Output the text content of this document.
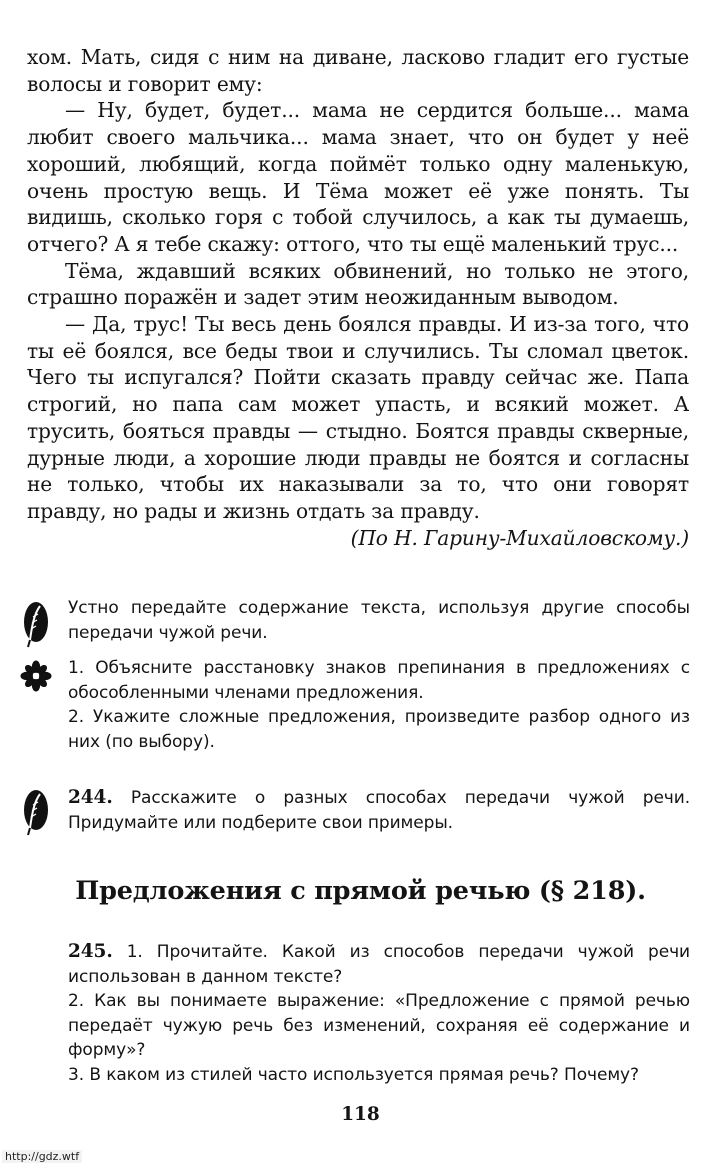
хом. Мать, сидя с ним на диване, ласково гладит его густые волосы и говорит ему:

— Ну, будет, будет... мама не сердится больше... мама любит своего мальчика... мама знает, что он будет у неё хороший, любящий, когда поймёт только одну маленькую, очень простую вещь. И Тёма может её уже понять. Ты видишь, сколько горя с тобой случилось, а как ты думаешь, отчего? А я тебе скажу: оттого, что ты ещё маленький трус...

Тёма, ждавший всяких обвинений, но только не этого, страшно поражён и задет этим неожиданным выводом.

— Да, трус! Ты весь день боялся правды. И из-за того, что ты её боялся, все беды твои и случились. Ты сломал цветок. Чего ты испугался? Пойти сказать правду сейчас же. Папа строгий, но папа сам может упасть, и всякий может. А трусить, бояться правды — стыдно. Боятся правды скверные, дурные люди, а хорошие люди правды не боятся и согласны не только, чтобы их наказывали за то, что они говорят правду, но рады и жизнь отдать за правду.

(По Н. Гарину-Михайловскому.)

Устно передайте содержание текста, используя другие способы передачи чужой речи.

1. Объясните расстановку знаков препинания в предложениях с обособленными членами предложения.

2. Укажите сложные предложения, произведите разбор одного из них (по выбору).

244. Расскажите о разных способах передачи чужой речи. Придумайте или подберите свои примеры.

Предложения с прямой речью (§ 218).

245. 1. Прочитайте. Какой из способов передачи чужой речи использован в данном тексте?

2. Как вы понимаете выражение: «Предложение с прямой речью передаёт чужую речь без изменений, сохраняя её содержание и форму»?

3. В каком из стилей часто используется прямая речь? Почему?

118
http://gdz.wtf
